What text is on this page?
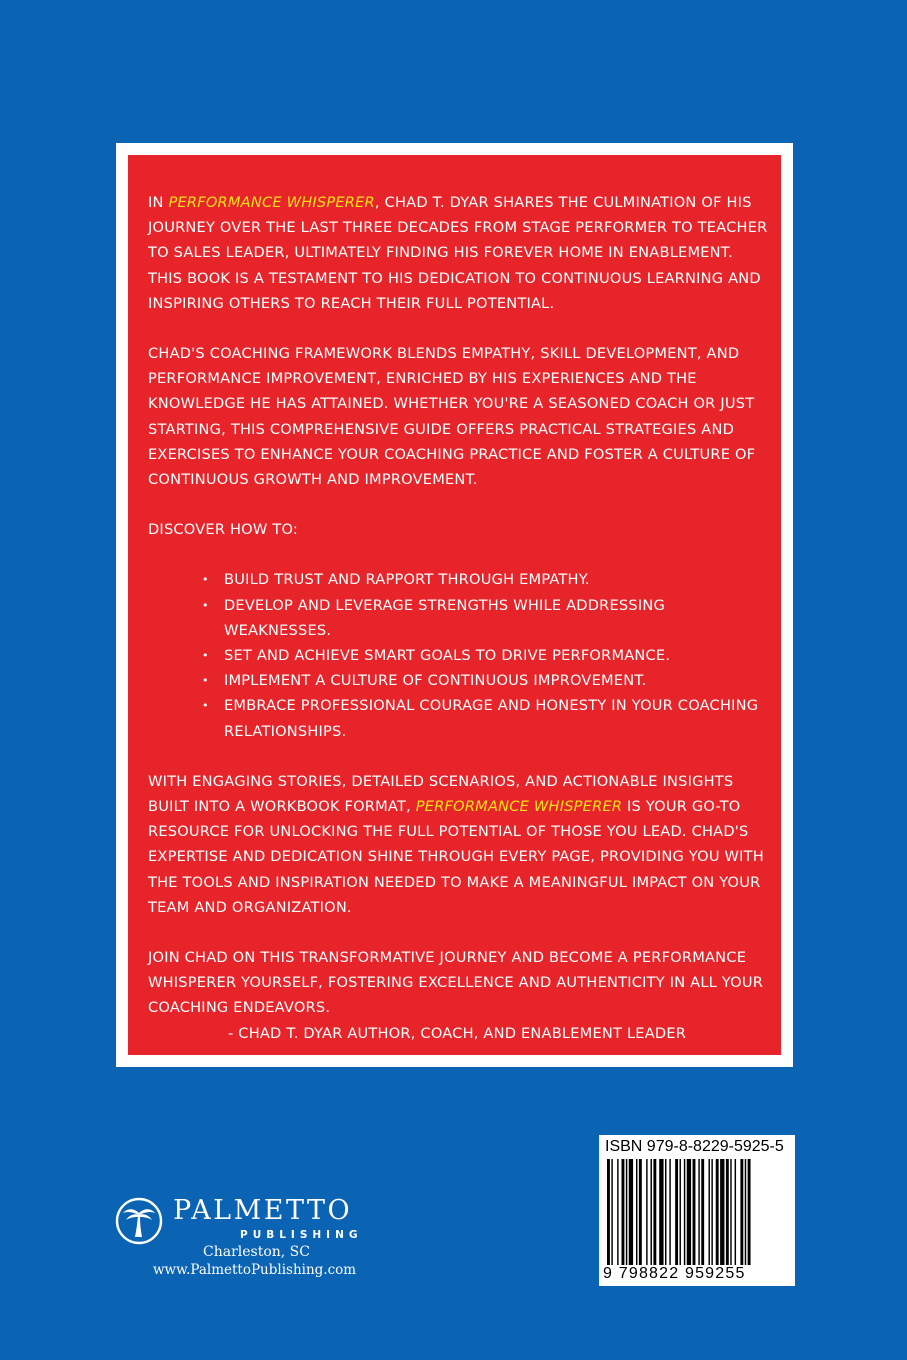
IN PERFORMANCE WHISPERER, CHAD T. DYAR SHARES THE CULMINATION OF HIS JOURNEY OVER THE LAST THREE DECADES FROM STAGE PERFORMER TO TEACHER TO SALES LEADER, ULTIMATELY FINDING HIS FOREVER HOME IN ENABLEMENT. THIS BOOK IS A TESTAMENT TO HIS DEDICATION TO CONTINUOUS LEARNING AND INSPIRING OTHERS TO REACH THEIR FULL POTENTIAL.

CHAD'S COACHING FRAMEWORK BLENDS EMPATHY, SKILL DEVELOPMENT, AND PERFORMANCE IMPROVEMENT, ENRICHED BY HIS EXPERIENCES AND THE KNOWLEDGE HE HAS ATTAINED. WHETHER YOU'RE A SEASONED COACH OR JUST STARTING, THIS COMPREHENSIVE GUIDE OFFERS PRACTICAL STRATEGIES AND EXERCISES TO ENHANCE YOUR COACHING PRACTICE AND FOSTER A CULTURE OF CONTINUOUS GROWTH AND IMPROVEMENT.

DISCOVER HOW TO:

• BUILD TRUST AND RAPPORT THROUGH EMPATHY.
• DEVELOP AND LEVERAGE STRENGTHS WHILE ADDRESSING WEAKNESSES.
• SET AND ACHIEVE SMART GOALS TO DRIVE PERFORMANCE.
• IMPLEMENT A CULTURE OF CONTINUOUS IMPROVEMENT.
• EMBRACE PROFESSIONAL COURAGE AND HONESTY IN YOUR COACHING RELATIONSHIPS.

WITH ENGAGING STORIES, DETAILED SCENARIOS, AND ACTIONABLE INSIGHTS BUILT INTO A WORKBOOK FORMAT, PERFORMANCE WHISPERER IS YOUR GO-TO RESOURCE FOR UNLOCKING THE FULL POTENTIAL OF THOSE YOU LEAD. CHAD'S EXPERTISE AND DEDICATION SHINE THROUGH EVERY PAGE, PROVIDING YOU WITH THE TOOLS AND INSPIRATION NEEDED TO MAKE A MEANINGFUL IMPACT ON YOUR TEAM AND ORGANIZATION.

JOIN CHAD ON THIS TRANSFORMATIVE JOURNEY AND BECOME A PERFORMANCE WHISPERER YOURSELF, FOSTERING EXCELLENCE AND AUTHENTICITY IN ALL YOUR COACHING ENDEAVORS.

- CHAD T. DYAR AUTHOR, COACH, AND ENABLEMENT LEADER

PALMETTO
PUBLISHING
Charleston, SC
www.PalmettoPublishing.com
ISBN 979-8-8229-5925-5
9 798822 959255
